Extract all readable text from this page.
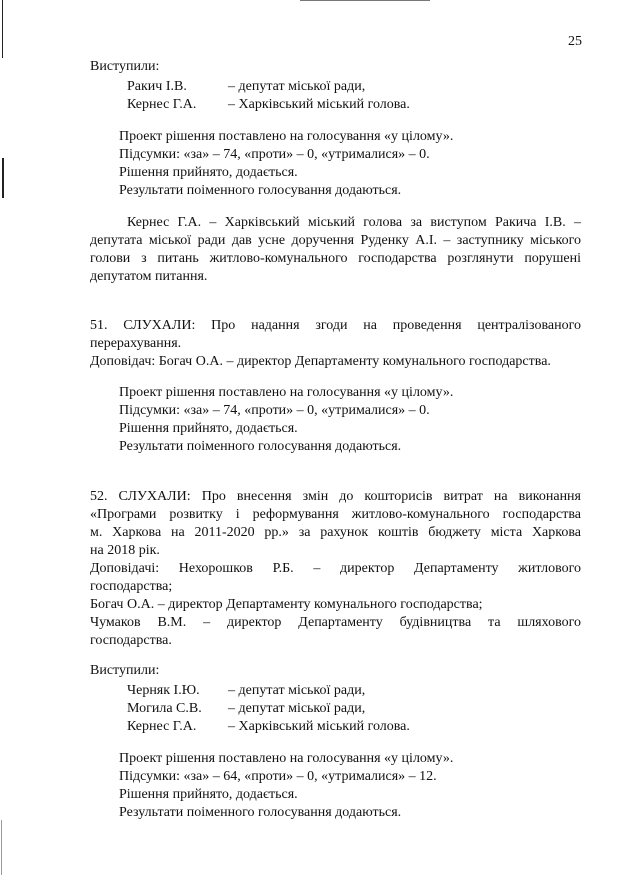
25
Виступили:
Ракич І.В.	– депутат міської ради,
Кернес Г.А. – Харківський міський голова.
Проект рішення поставлено на голосування «у цілому».
Підсумки: «за» – 74, «проти» – 0, «утрималися» – 0.
Рішення прийнято, додається.
Результати поіменного голосування додаються.
Кернес Г.А. – Харківський міський голова за виступом Ракича І.В. –
депутата міської ради дав усне доручення Руденку А.І. – заступнику міського
голови з питань житлово-комунального господарства розглянути порушені
депутатом питання.
51. СЛУХАЛИ: Про надання згоди на проведення централізованого
перерахування.
Доповідач: Богач О.А. – директор Департаменту комунального господарства.
Проект рішення поставлено на голосування «у цілому».
Підсумки: «за» – 74, «проти» – 0, «утрималися» – 0.
Рішення прийнято, додається.
Результати поіменного голосування додаються.
52. СЛУХАЛИ: Про внесення змін до кошторисів витрат на виконання
«Програми розвитку і реформування житлово-комунального господарства
м. Харкова на 2011-2020 рр.» за рахунок коштів бюджету міста Харкова
на 2018 рік.
Доповідачі: Нехорошков Р.Б. – директор Департаменту житлового
господарства;
Богач О.А. – директор Департаменту комунального господарства;
Чумаков В.М. – директор Департаменту будівництва та шляхового
господарства.
Виступили:
Черняк І.Ю. – депутат міської ради,
Могила С.В. – депутат міської ради,
Кернес Г.А. – Харківський міський голова.
Проект рішення поставлено на голосування «у цілому».
Підсумки: «за» – 64, «проти» – 0, «утрималися» – 12.
Рішення прийнято, додається.
Результати поіменного голосування додаються.
